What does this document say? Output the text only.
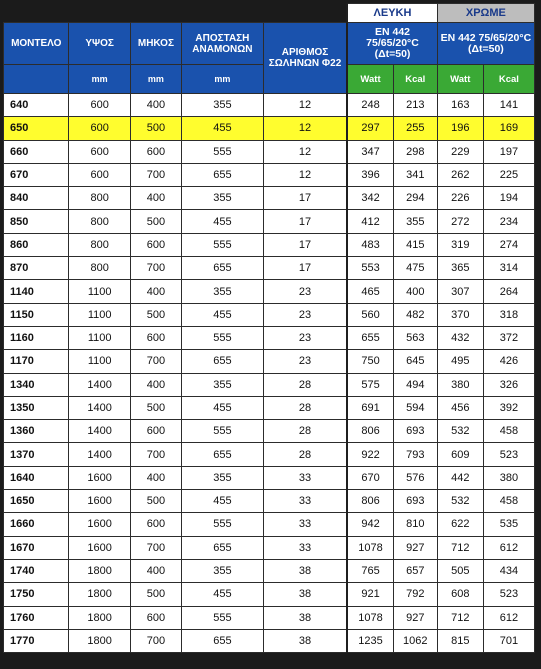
					ΛΕΥΚΗ		ΧΡΩΜΕ	
ΜΟΝΤΕΛΟ	ΥΨΟΣ	ΜΗΚΟΣ	ΑΠΟΣΤΑΣΗ ΑΝΑΜΟΝΩΝ	ΑΡΙΘΜΟΣ ΣΩΛΗΝΩΝ Φ22	EN 442 75/65/20°C (Δt=50)		EN 442 75/65/20°C (Δt=50)	
	mm	mm	mm		Watt	Kcal	Watt	Kcal
640	600	400	355	12	248	213	163	141
650	600	500	455	12	297	255	196	169
660	600	600	555	12	347	298	229	197
670	600	700	655	12	396	341	262	225
840	800	400	355	17	342	294	226	194
850	800	500	455	17	412	355	272	234
860	800	600	555	17	483	415	319	274
870	800	700	655	17	553	475	365	314
1140	1100	400	355	23	465	400	307	264
1150	1100	500	455	23	560	482	370	318
1160	1100	600	555	23	655	563	432	372
1170	1100	700	655	23	750	645	495	426
1340	1400	400	355	28	575	494	380	326
1350	1400	500	455	28	691	594	456	392
1360	1400	600	555	28	806	693	532	458
1370	1400	700	655	28	922	793	609	523
1640	1600	400	355	33	670	576	442	380
1650	1600	500	455	33	806	693	532	458
1660	1600	600	555	33	942	810	622	535
1670	1600	700	655	33	1078	927	712	612
1740	1800	400	355	38	765	657	505	434
1750	1800	500	455	38	921	792	608	523
1760	1800	600	555	38	1078	927	712	612
1770	1800	700	655	38	1235	1062	815	701
